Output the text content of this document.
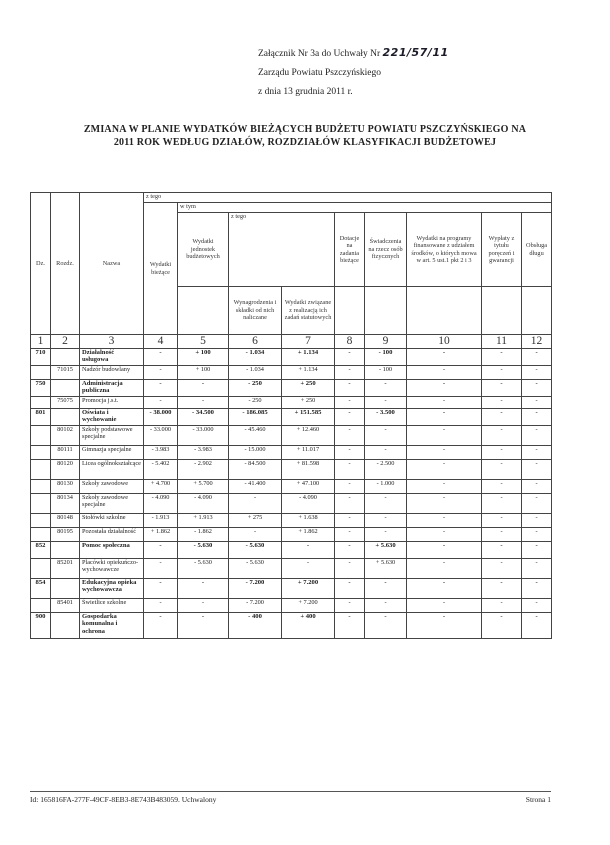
Załącznik Nr 3a do Uchwały Nr 221/57/11
Zarządu Powiatu Pszczyńskiego
z dnia 13 grudnia 2011 r.
ZMIANA W PLANIE WYDATKÓW BIEŻĄCYCH BUDŻETU POWIATU PSZCZYŃSKIEGO NA
2011 ROK WEDŁUG DZIAŁÓW, ROZDZIAŁÓW KLASYFIKACJI BUDŻETOWEJ
Dz.	Rozdz.	Nazwa	z tego								
			Wydatki bieżące	w tym							
				Wydatki jednostek budżetowych	z tego		Dotacje na zadania bieżące	Świadczenia na rzecz osób fizycznych	Wydatki na programy finansowane z udziałem środków, o których mowa w art. 5 ust.1 pkt 2 i 3	Wypłaty z tytułu poręczeń i gwarancji	Obsługa długu
					Wynagrodzenia i składki od nich naliczane	Wydatki związane z realizacją ich zadań statutowych					
1	2	3	4	5	6	7	8	9	10	11	12
710		Działalność usługowa	-	+ 100	- 1.034	+ 1.134	-	- 100	-	-	-
	71015	Nadzór budowlany	-	+ 100	- 1.034	+ 1.134	-	- 100	-	-	-
750		Administracja publiczna	-	-	- 250	+ 250	-	-	-	-	-
	75075	Promocja j.s.t.	-	-	- 250	+ 250	-	-	-	-	-
801		Oświata i wychowanie	- 38.000	- 34.500	- 186.085	+ 151.585	-	- 3.500	-	-	-
	80102	Szkoły podstawowe specjalne	- 33.000	- 33.000	- 45.460	+ 12.460	-	-	-	-	-
	80111	Gimnazja specjalne	- 3.983	- 3.983	- 15.000	+ 11.017	-	-	-	-	-
	80120	Licea ogólnokształcące	- 5.402	- 2.902	- 84.500	+ 81.598	-	- 2.500	-	-	-
	80130	Szkoły zawodowe	+ 4.700	+ 5.700	- 41.400	+ 47.100	-	- 1.000	-	-	-
	80134	Szkoły zawodowe specjalne	- 4.090	- 4.090	-	- 4.090	-	-	-	-	-
	80148	Stołówki szkolne	- 1.913	+ 1.913	+ 275	+ 1.638	-	-	-	-	-
	80195	Pozostała działalność	+ 1.862	- 1.862	-	+ 1.862	-	-	-	-	-
852		Pomoc społeczna	-	- 5.630	- 5.630	-	-	+ 5.630	-	-	-
	85201	Placówki opiekuńczo-wychowawcze	-	- 5.630	- 5.630	-	-	+ 5.630	-	-	-
854		Edukacyjna opieka wychowawcza	-	-	- 7.200	+ 7.200	-	-	-	-	-
	85401	Świetlice szkolne	-	-	- 7.200	+ 7.200	-	-	-	-	-
900		Gospodarka komunalna i ochrona	-	-	- 400	+ 400	-	-	-	-	-
Id: 165816FA-277F-49CF-8EB3-8E743B483059. Uchwalony	Strona 1
